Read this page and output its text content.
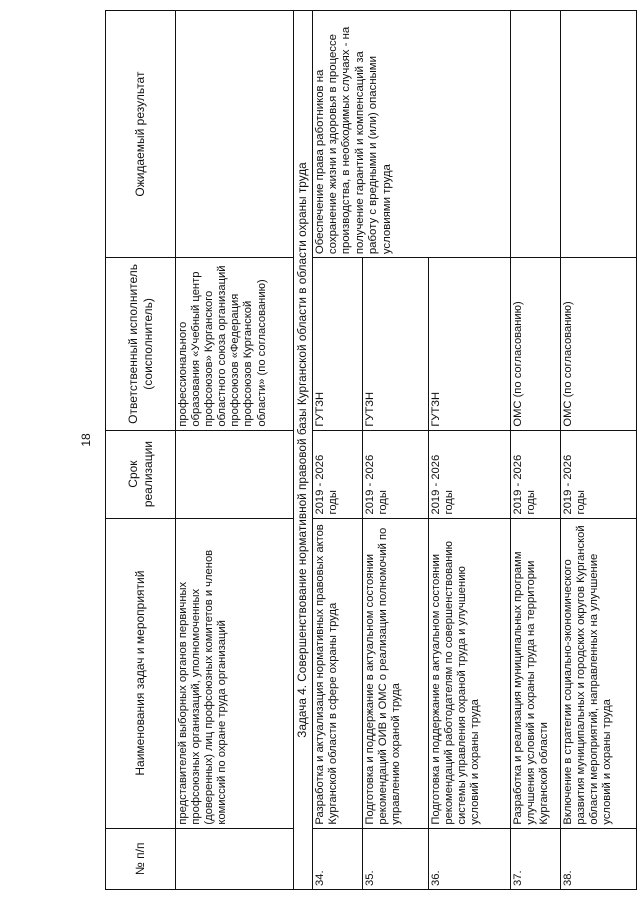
18
№ п/п	Наименования задач и мероприятий	Срок реализации	Ответственный исполнитель (соисполнитель)	Ожидаемый результат
	представителей выборных органов первичных профсоюзных организаций, уполномоченных (доверенных) лиц профсоюзных комитетов и членов комиссий по охране труда организаций		профессионального образования «Учебный центр профсоюзов» Курганского областного союза организаций профсоюзов «Федерация профсоюзов Курганской области» (по согласованию)	
Задача 4. Совершенствование нормативной правовой базы Курганской области в области охраны труда				
34.	Разработка и актуализация нормативных правовых актов Курганской области в сфере охраны труда	2019 - 2026 годы	ГУТЗН	Обеспечение права работников на сохранение жизни и здоровья в процессе производства, в необходимых случаях - на получение гарантий и компенсаций за работу с вредными и (или) опасными условиями труда
35.	Подготовка и поддержание в актуальном состоянии рекомендаций ОИВ и ОМС о реализации полномочий по управлению охраной труда	2019 - 2026 годы	ГУТЗН	
36.	Подготовка и поддержание в актуальном состоянии рекомендаций работодателям по совершенствованию системы управления охраной труда и улучшению условий и охраны труда	2019 - 2026 годы	ГУТЗН	
37.	Разработка и реализация муниципальных программ улучшения условий и охраны труда на территории Курганской области	2019 - 2026 годы	ОМС (по согласованию)	
38.	Включение в стратегии социально-экономического развития муниципальных и городских округов Курганской области мероприятий, направленных на улучшение условий и охраны труда	2019 - 2026 годы	ОМС (по согласованию)	
